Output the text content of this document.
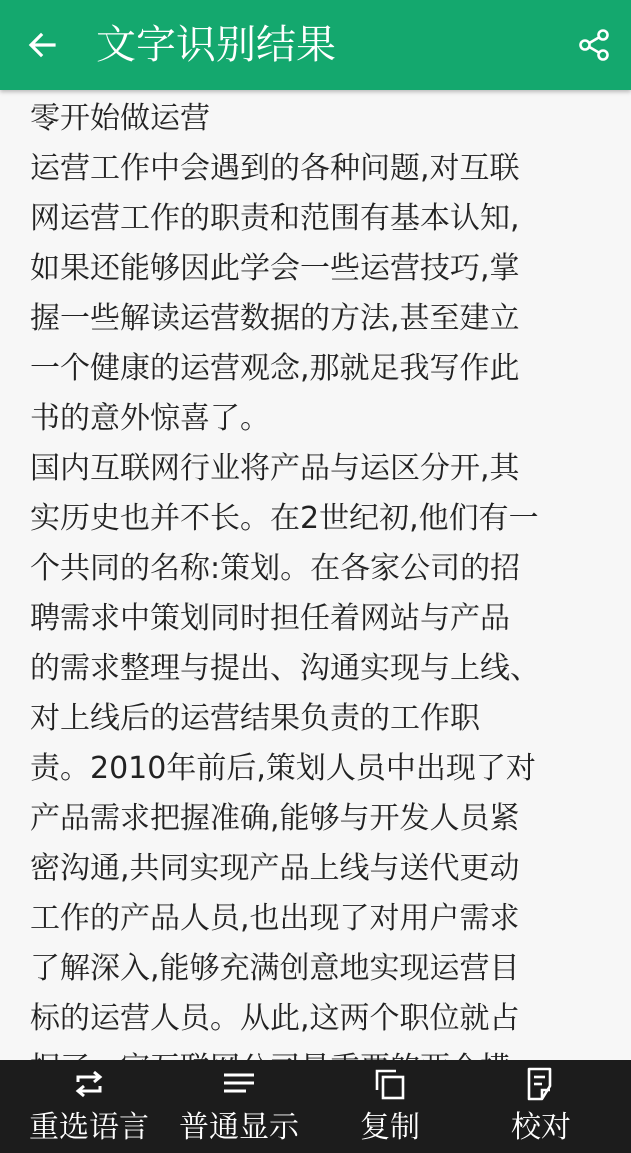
文字识别结果

零开始做运营

运营工作中会遇到的各种问题,对互联

网运营工作的职责和范围有基本认知,

如果还能够因此学会一些运营技巧,掌

握一些解读运营数据的方法,甚至建立

一个健康的运营观念,那就足我写作此

书的意外惊喜了。

国内互联网行业将产品与运区分开,其

实历史也并不长。在2世纪初,他们有一

个共同的名称:策划。在各家公司的招

聘需求中策划同时担任着网站与产品

的需求整理与提出、沟通实现与上线、

对上线后的运营结果负责的工作职

责。2010年前后,策划人员中出现了对

产品需求把握准确,能够与开发人员紧

密沟通,共同实现产品上线与送代更动

工作的产品人员,也出现了对用户需求

了解深入,能够充满创意地实现运营目

标的运营人员。从此,这两个职位就占

重选语言	普通显示	复制	校对
